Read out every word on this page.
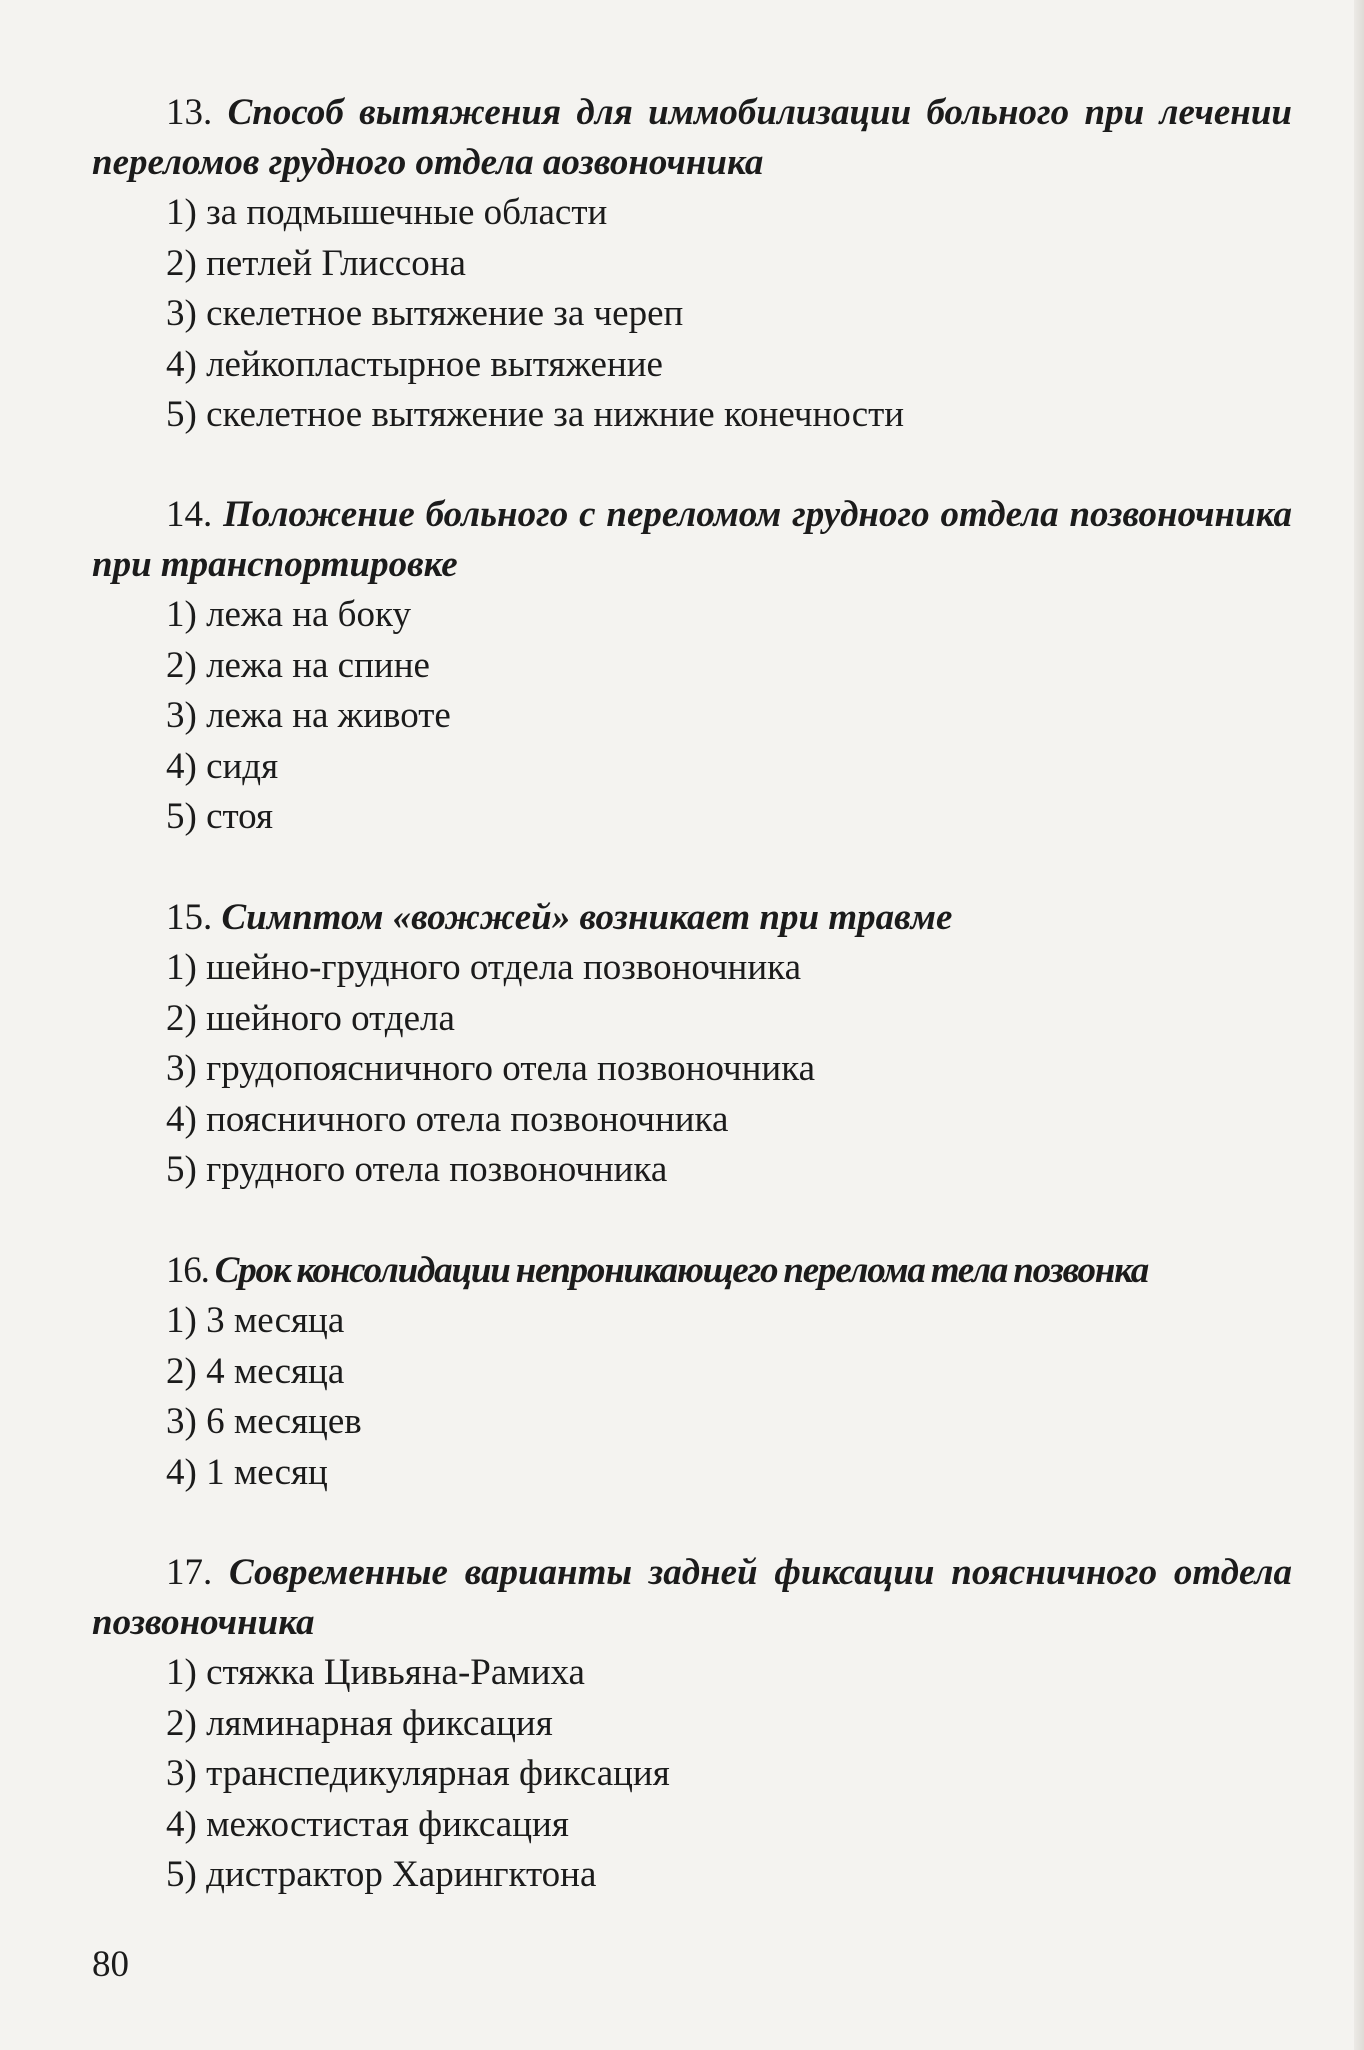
13. Способ вытяжения для иммобилизации больного при лечении переломов грудного отдела аозвоночника

1) за подмышечные области
2) петлей Глиссона
3) скелетное вытяжение за череп
4) лейкопластырное вытяжение
5) скелетное вытяжение за нижние конечности

14. Положение больного с переломом грудного отдела позвоночника при транспортировке

1) лежа на боку
2) лежа на спине
3) лежа на животе
4) сидя
5) стоя

15. Симптом «вожжей» возникает при травме

1) шейно-грудного отдела позвоночника
2) шейного отдела
3) грудопоясничного отела позвоночника
4) поясничного отела позвоночника
5) грудного отела позвоночника

16. Срок консолидации непроникающего перелома тела позвонка

1) 3 месяца
2) 4 месяца
3) 6 месяцев
4) 1 месяц

17. Современные варианты задней фиксации поясничного отдела позвоночника

1) стяжка Цивьяна-Рамиха
2) ляминарная фиксация
3) транспедикулярная фиксация
4) межостистая фиксация
5) дистрактор Харингктона

80
